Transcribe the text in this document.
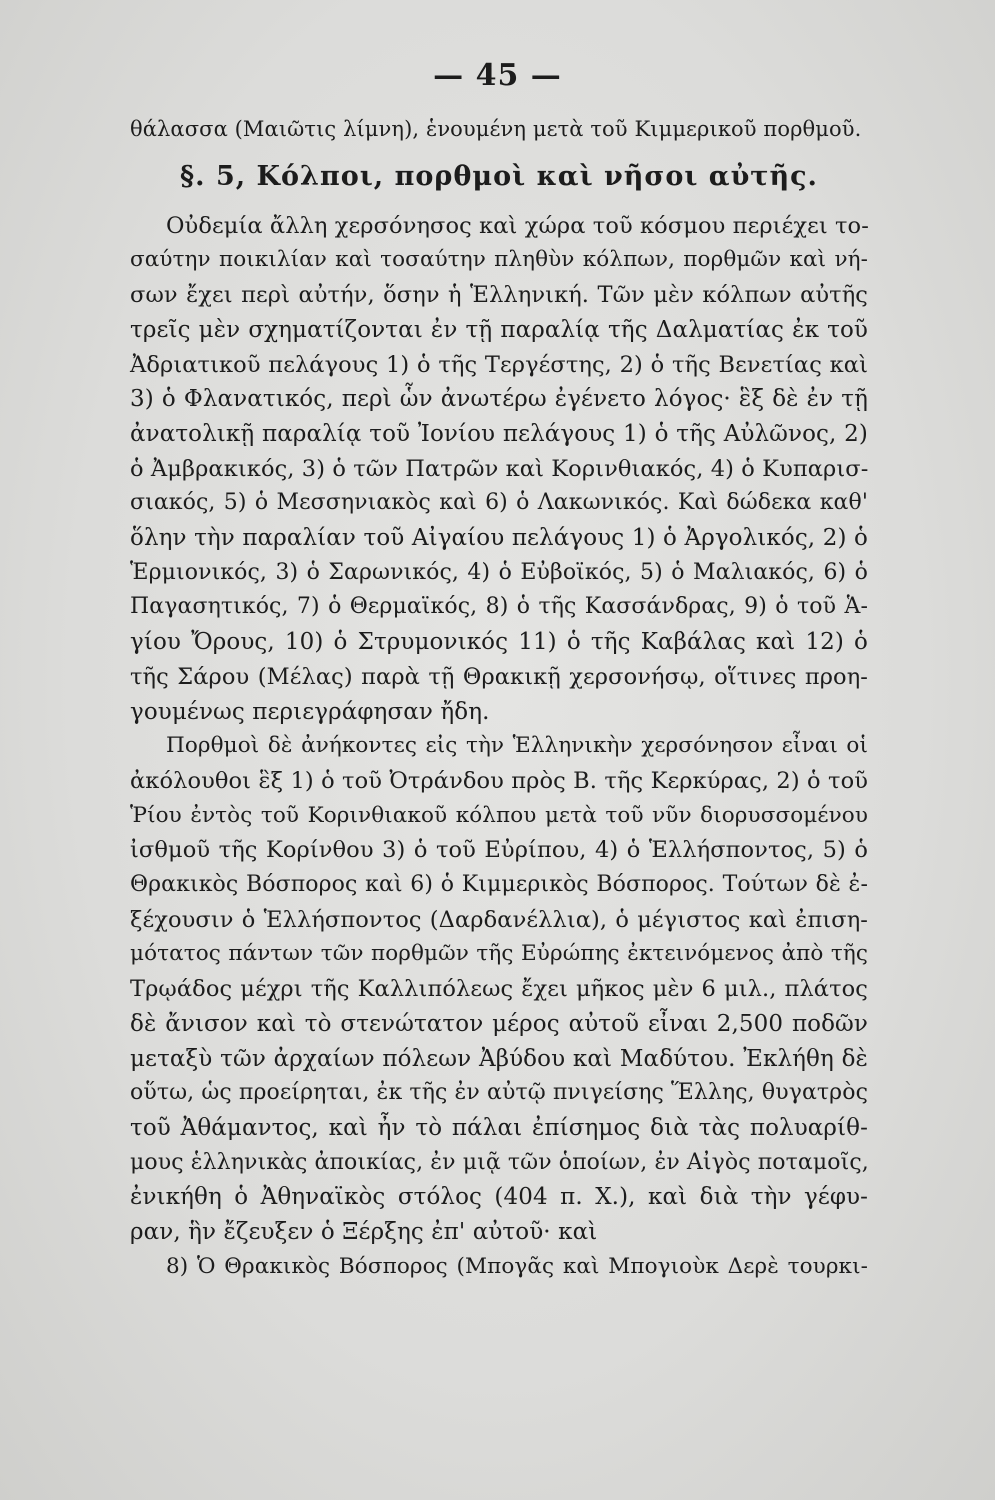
— 45 —
θάλασσα (Μαιῶτις λίμνη), ἑνουμένη μετὰ τοῦ Κιμμερικοῦ πορθμοῦ.
§. 5, Κόλποι, πορθμοὶ καὶ νῆσοι αὐτῆς.
Οὐδεμία ἄλλη χερσόνησος καὶ χώρα τοῦ κόσμου περιέχει το-
σαύτην ποικιλίαν καὶ τοσαύτην πληθὺν κόλπων, πορθμῶν καὶ νή-
σων ἔχει περὶ αὐτήν, ὅσην ἡ Ἑλληνική. Τῶν μὲν κόλπων αὐτῆς
τρεῖς μὲν σχηματίζονται ἐν τῇ παραλίᾳ τῆς Δαλματίας ἐκ τοῦ
Ἀδριατικοῦ πελάγους 1) ὁ τῆς Τεργέστης, 2) ὁ τῆς Βενετίας καὶ
3) ὁ Φλανατικός, περὶ ὧν ἀνωτέρω ἐγένετο λόγος· ἓξ δὲ ἐν τῇ
ἀνατολικῇ παραλίᾳ τοῦ Ἰονίου πελάγους 1) ὁ τῆς Αὐλῶνος, 2)
ὁ Ἀμβρακικός, 3) ὁ τῶν Πατρῶν καὶ Κορινθιακός, 4) ὁ Κυπαρισ-
σιακός, 5) ὁ Μεσσηνιακὸς καὶ 6) ὁ Λακωνικός. Καὶ δώδεκα καθ'
ὅλην τὴν παραλίαν τοῦ Αἰγαίου πελάγους 1) ὁ Ἀργολικός, 2) ὁ
Ἑρμιονικός, 3) ὁ Σαρωνικός, 4) ὁ Εὐβοϊκός, 5) ὁ Μαλιακός, 6) ὁ
Παγασητικός, 7) ὁ Θερμαϊκός, 8) ὁ τῆς Κασσάνδρας, 9) ὁ τοῦ Ἁ-
γίου Ὄρους, 10) ὁ Στρυμονικός 11) ὁ τῆς Καβάλας καὶ 12) ὁ
τῆς Σάρου (Μέλας) παρὰ τῇ Θρακικῇ χερσονήσῳ, οἵτινες προη-
γουμένως περιεγράφησαν ἤδη.
Πορθμοὶ δὲ ἀνήκοντες εἰς τὴν Ἑλληνικὴν χερσόνησον εἶναι οἱ
ἀκόλουθοι ἓξ 1) ὁ τοῦ Ὀτράνδου πρὸς Β. τῆς Κερκύρας, 2) ὁ τοῦ
Ῥίου ἐντὸς τοῦ Κορινθιακοῦ κόλπου μετὰ τοῦ νῦν διορυσσομένου
ἰσθμοῦ τῆς Κορίνθου 3) ὁ τοῦ Εὐρίπου, 4) ὁ Ἑλλήσποντος, 5) ὁ
Θρακικὸς Βόσπορος καὶ 6) ὁ Κιμμερικὸς Βόσπορος. Τούτων δὲ ἐ-
ξέχουσιν ὁ Ἑλλήσποντος (Δαρδανέλλια), ὁ μέγιστος καὶ ἐπιση-
μότατος πάντων τῶν πορθμῶν τῆς Εὐρώπης ἐκτεινόμενος ἀπὸ τῆς
Τρῳάδος μέχρι τῆς Καλλιπόλεως ἔχει μῆκος μὲν 6 μιλ., πλάτος
δὲ ἄνισον καὶ τὸ στενώτατον μέρος αὐτοῦ εἶναι 2,500 ποδῶν
μεταξὺ τῶν ἀρχαίων πόλεων Ἀβύδου καὶ Μαδύτου. Ἐκλήθη δὲ
οὕτω, ὡς προείρηται, ἐκ τῆς ἐν αὐτῷ πνιγείσης Ἕλλης, θυγατρὸς
τοῦ Ἀθάμαντος, καὶ ἦν τὸ πάλαι ἐπίσημος διὰ τὰς πολυαρίθ-
μους ἑλληνικὰς ἀποικίας, ἐν μιᾷ τῶν ὁποίων, ἐν Αἰγὸς ποταμοῖς,
ἐνικήθη ὁ Ἀθηναϊκὸς στόλος (404 π. Χ.), καὶ διὰ τὴν γέφυ-
ραν, ἣν ἔζευξεν ὁ Ξέρξης ἐπ' αὐτοῦ· καὶ
8) Ὁ Θρακικὸς Βόσπορος (Μπογᾶς καὶ Μπογιοὺκ Δερὲ τουρκι-
